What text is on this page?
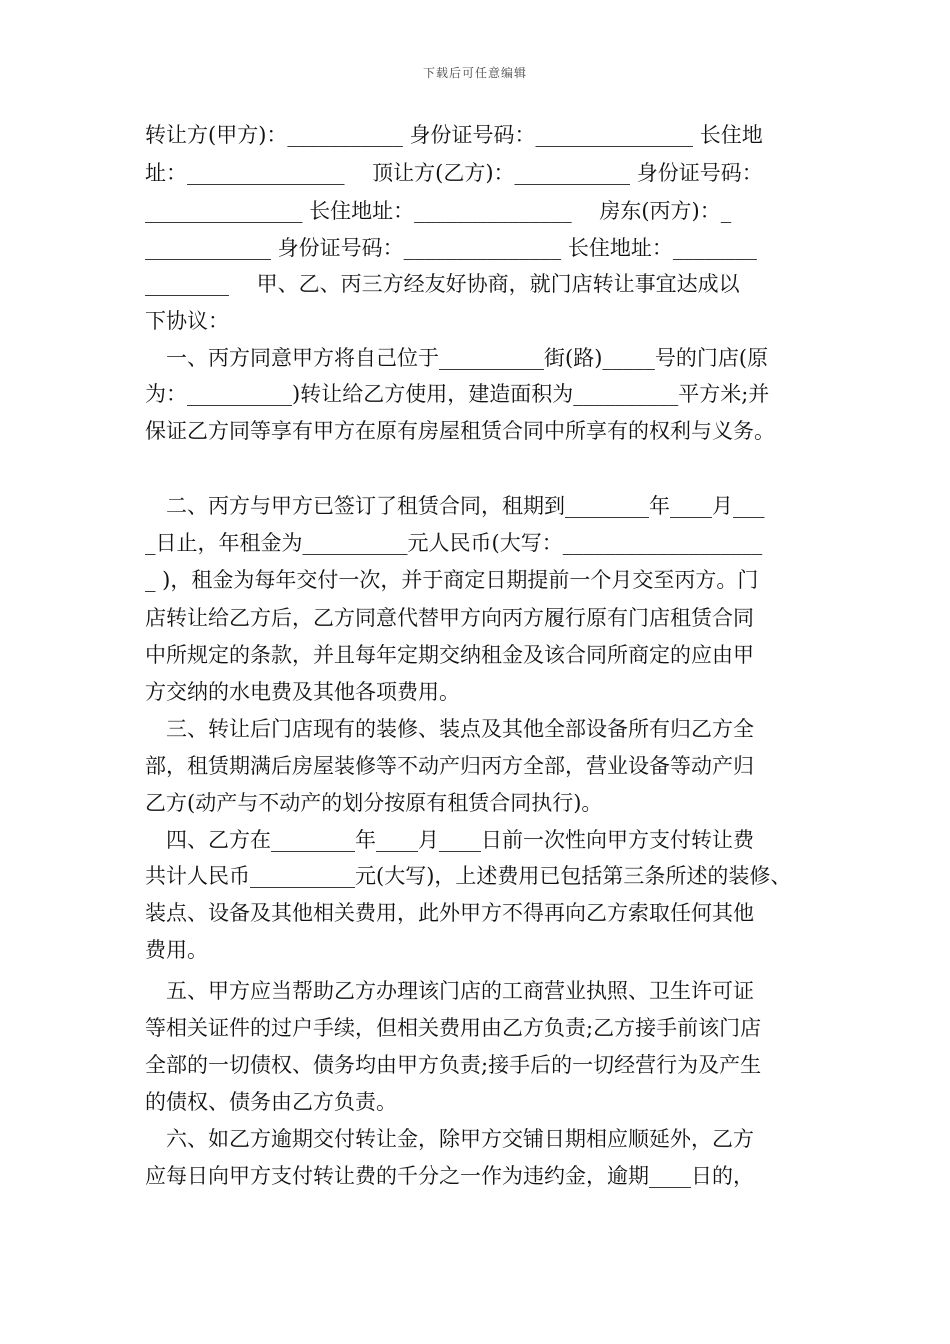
下载后可任意编辑
转让方(甲方)：___________ 身份证号码：_______________ 长住地
址：_______________　 顶让方(乙方)：___________ 身份证号码：
_______________ 长住地址：_______________　 房东(丙方)：_
____________ 身份证号码：_______________ 长住地址：________
________　 甲、乙、丙三方经友好协商，就门店转让事宜达成以
下协议：
　一、丙方同意甲方将自己位于__________街(路)_____号的门店(原
为：__________)转让给乙方使用，建造面积为__________平方米;并
保证乙方同等享有甲方在原有房屋租赁合同中所享有的权利与义务。
　二、丙方与甲方已签订了租赁合同，租期到________年____月___
_日止，年租金为__________元人民币(大写：___________________
_ )，租金为每年交付一次，并于商定日期提前一个月交至丙方。门
店转让给乙方后，乙方同意代替甲方向丙方履行原有门店租赁合同
中所规定的条款，并且每年定期交纳租金及该合同所商定的应由甲
方交纳的水电费及其他各项费用。
　三、转让后门店现有的装修、装点及其他全部设备所有归乙方全
部，租赁期满后房屋装修等不动产归丙方全部，营业设备等动产归
乙方(动产与不动产的划分按原有租赁合同执行)。
　四、乙方在________年____月____日前一次性向甲方支付转让费
共计人民币__________元(大写)，上述费用已包括第三条所述的装修、
装点、设备及其他相关费用，此外甲方不得再向乙方索取任何其他
费用。
　五、甲方应当帮助乙方办理该门店的工商营业执照、卫生许可证
等相关证件的过户手续，但相关费用由乙方负责;乙方接手前该门店
全部的一切债权、债务均由甲方负责;接手后的一切经营行为及产生
的债权、债务由乙方负责。
　六、如乙方逾期交付转让金，除甲方交铺日期相应顺延外，乙方
应每日向甲方支付转让费的千分之一作为违约金，逾期____日的，
